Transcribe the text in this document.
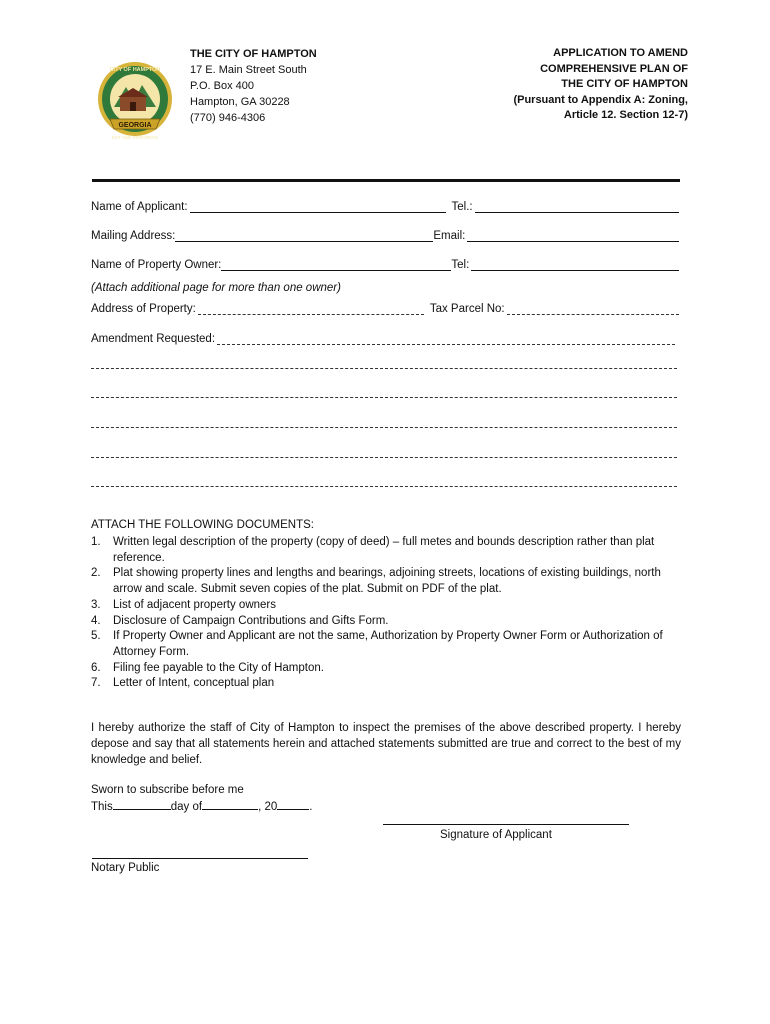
GEORGIA
CITY OF HAMPTON
EST AND PROGRESS
THE CITY OF HAMPTON
17 E. Main Street South
P.O. Box 400
Hampton, GA 30228
(770) 946-4306
APPLICATION TO AMEND
COMPREHENSIVE PLAN OF
THE CITY OF HAMPTON
(Pursuant to Appendix A: Zoning,
Article 12. Section 12-7)
Name of Applicant:	Tel.:
Mailing Address:	Email:
Name of Property Owner:	Tel:
(Attach additional page for more than one owner)
Address of Property:	Tax Parcel No:
Amendment Requested:
ATTACH THE FOLLOWING DOCUMENTS:
1. Written legal description of the property (copy of deed) – full metes and bounds description rather than plat reference.
2. Plat showing property lines and lengths and bearings, adjoining streets, locations of existing buildings, north arrow and scale. Submit seven copies of the plat. Submit on PDF of the plat.
3. List of adjacent property owners
4. Disclosure of Campaign Contributions and Gifts Form.
5. If Property Owner and Applicant are not the same, Authorization by Property Owner Form or Authorization of Attorney Form.
6. Filing fee payable to the City of Hampton.
7. Letter of Intent, conceptual plan
I hereby authorize the staff of City of Hampton to inspect the premises of the above described property. I hereby depose and say that all statements herein and attached statements submitted are true and correct to the best of my knowledge and belief.
Sworn to subscribe before me
This	day of	, 20	.
Signature of Applicant
Notary Public
